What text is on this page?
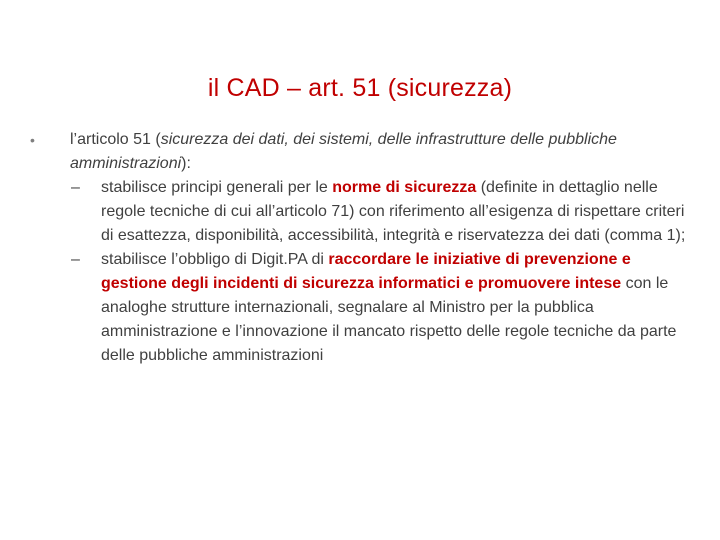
il CAD – art. 51 (sicurezza)
•	l’articolo 51 (sicurezza dei dati, dei sistemi, delle infrastrutture delle pubbliche amministrazioni):
–	stabilisce principi generali per le norme di sicurezza (definite in dettaglio nelle regole tecniche di cui all’articolo 71) con riferimento all’esigenza di rispettare criteri di esattezza, disponibilità, accessibilità, integrità e riservatezza dei dati (comma 1);
–	stabilisce l’obbligo di Digit.PA di raccordare le iniziative di prevenzione e gestione degli incidenti di sicurezza informatici e promuovere intese con le analoghe strutture internazionali, segnalare al Ministro per la pubblica amministrazione e l’innovazione il mancato rispetto delle regole tecniche da parte delle pubbliche amministrazioni
